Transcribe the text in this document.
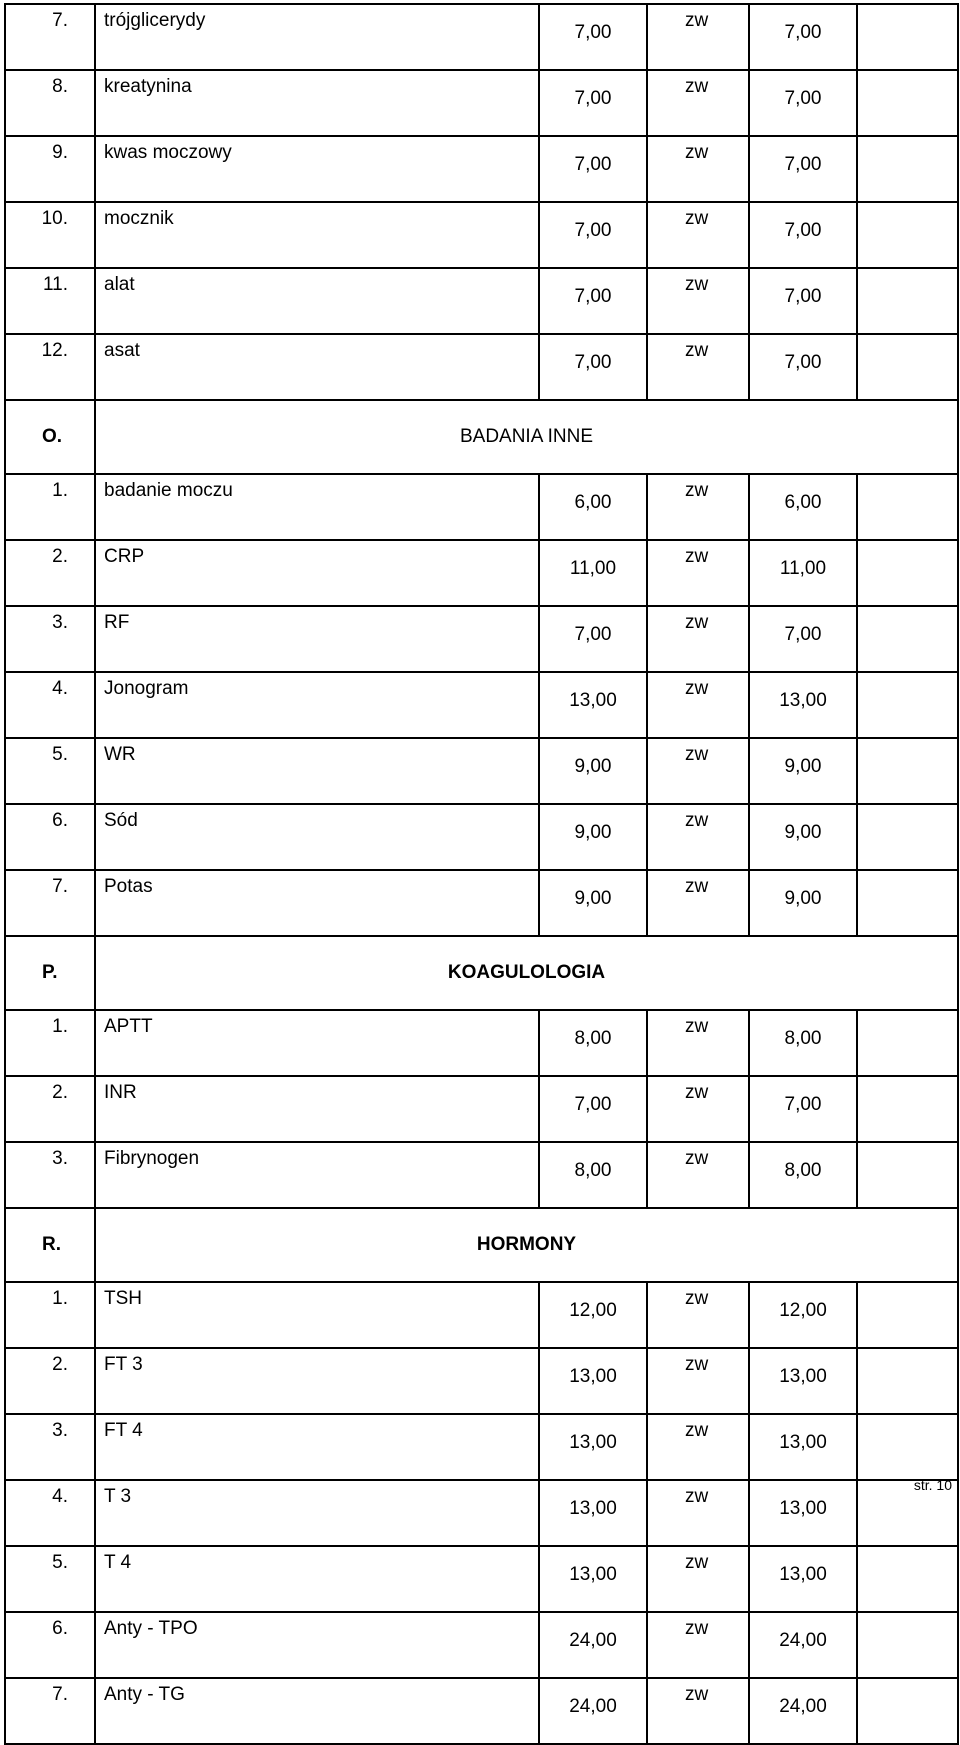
7.	trójglicerydy	7,00	zw	7,00	
8.	kreatynina	7,00	zw	7,00	
9.	kwas moczowy	7,00	zw	7,00	
10.	mocznik	7,00	zw	7,00	
11.	alat	7,00	zw	7,00	
12.	asat	7,00	zw	7,00	
O.	BADANIA INNE				
1.	badanie moczu	6,00	zw	6,00	
2.	CRP	11,00	zw	11,00	
3.	RF	7,00	zw	7,00	
4.	Jonogram	13,00	zw	13,00	
5.	WR	9,00	zw	9,00	
6.	Sód	9,00	zw	9,00	
7.	Potas	9,00	zw	9,00	
P.	KOAGULOLOGIA				
1.	APTT	8,00	zw	8,00	
2.	INR	7,00	zw	7,00	
3.	Fibrynogen	8,00	zw	8,00	
R.	HORMONY				
1.	TSH	12,00	zw	12,00	
2.	FT 3	13,00	zw	13,00	
3.	FT 4	13,00	zw	13,00	
4.	T 3	13,00	zw	13,00	
5.	T 4	13,00	zw	13,00	
6.	Anty - TPO	24,00	zw	24,00	
7.	Anty - TG	24,00	zw	24,00	
str. 10
